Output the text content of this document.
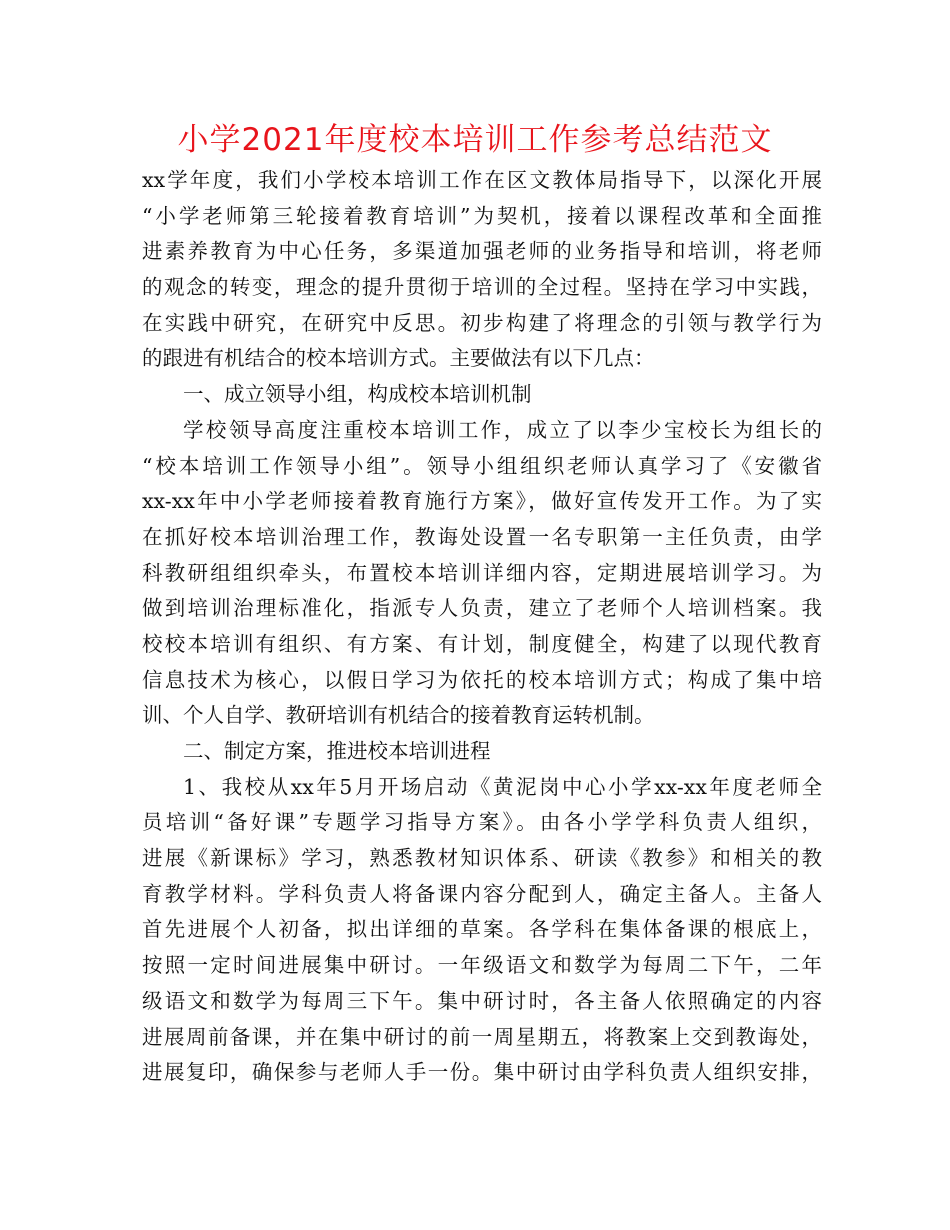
小学2021年度校本培训工作参考总结范文
xx学年度，我们小学校本培训工作在区文教体局指导下，以深化开展
“小学老师第三轮接着教育培训”为契机，接着以课程改革和全面推
进素养教育为中心任务，多渠道加强老师的业务指导和培训，将老师
的观念的转变，理念的提升贯彻于培训的全过程。坚持在学习中实践，
在实践中研究，在研究中反思。初步构建了将理念的引领与教学行为
的跟进有机结合的校本培训方式。主要做法有以下几点：
一、成立领导小组，构成校本培训机制
学校领导高度注重校本培训工作，成立了以李少宝校长为组长的
“校本培训工作领导小组”。领导小组组织老师认真学习了《安徽省
xx-xx年中小学老师接着教育施行方案》，做好宣传发开工作。为了实
在抓好校本培训治理工作，教诲处设置一名专职第一主任负责，由学
科教研组组织牵头，布置校本培训详细内容，定期进展培训学习。为
做到培训治理标准化，指派专人负责，建立了老师个人培训档案。我
校校本培训有组织、有方案、有计划，制度健全，构建了以现代教育
信息技术为核心，以假日学习为依托的校本培训方式；构成了集中培
训、个人自学、教研培训有机结合的接着教育运转机制。
二、制定方案，推进校本培训进程
1、我校从xx年5月开场启动《黄泥岗中心小学xx-xx年度老师全
员培训“备好课”专题学习指导方案》。由各小学学科负责人组织，
进展《新课标》学习，熟悉教材知识体系、研读《教参》和相关的教
育教学材料。学科负责人将备课内容分配到人，确定主备人。主备人
首先进展个人初备，拟出详细的草案。各学科在集体备课的根底上，
按照一定时间进展集中研讨。一年级语文和数学为每周二下午，二年
级语文和数学为每周三下午。集中研讨时，各主备人依照确定的内容
进展周前备课，并在集中研讨的前一周星期五，将教案上交到教诲处，
进展复印，确保参与老师人手一份。集中研讨由学科负责人组织安排，
